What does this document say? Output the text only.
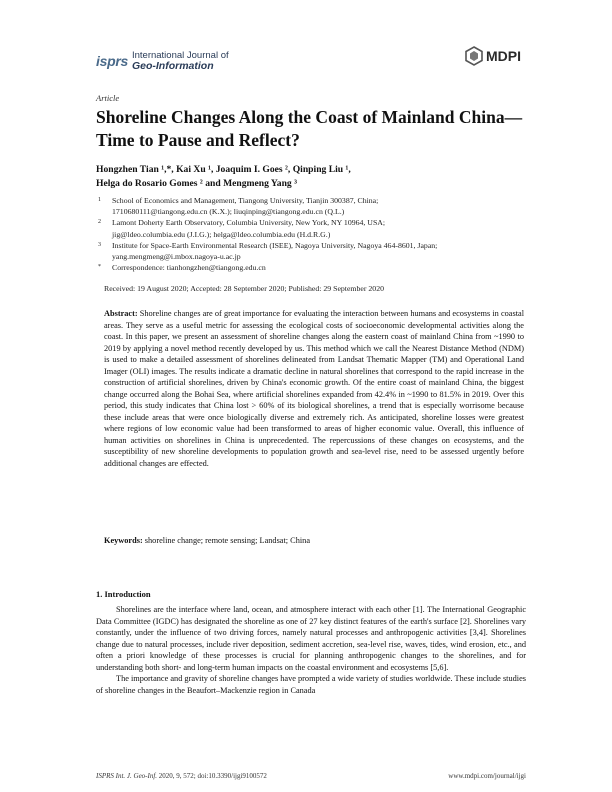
isprs International Journal of
Geo-Information
MDPI
Article
Shoreline Changes Along the Coast of Mainland China—Time to Pause and Reflect?
Hongzhen Tian ¹,*, Kai Xu ¹, Joaquim I. Goes ², Qinping Liu ¹,
Helga do Rosario Gomes ² and Mengmeng Yang ³
1	School of Economics and Management, Tiangong University, Tianjin 300387, China;
1710680111@tiangong.edu.cn (K.X.); liuqinping@tiangong.edu.cn (Q.L.)
2	Lamont Doherty Earth Observatory, Columbia University, New York, NY 10964, USA;
jig@ldeo.columbia.edu (J.I.G.); helga@ldeo.columbia.edu (H.d.R.G.)
3	Institute for Space-Earth Environmental Research (ISEE), Nagoya University, Nagoya 464-8601, Japan;
yang.mengmeng@i.mbox.nagoya-u.ac.jp
*	Correspondence: tianhongzhen@tiangong.edu.cn
Received: 19 August 2020; Accepted: 28 September 2020; Published: 29 September 2020

Abstract: Shoreline changes are of great importance for evaluating the interaction between humans and ecosystems in coastal areas. They serve as a useful metric for assessing the ecological costs of socioeconomic developmental activities along the coast. In this paper, we present an assessment of shoreline changes along the eastern coast of mainland China from ~1990 to 2019 by applying a novel method recently developed by us. This method which we call the Nearest Distance Method (NDM) is used to make a detailed assessment of shorelines delineated from Landsat Thematic Mapper (TM) and Operational Land Imager (OLI) images. The results indicate a dramatic decline in natural shorelines that correspond to the rapid increase in the construction of artificial shorelines, driven by China's economic growth. Of the entire coast of mainland China, the biggest change occurred along the Bohai Sea, where artificial shorelines expanded from 42.4% in ~1990 to 81.5% in 2019. Over this period, this study indicates that China lost > 60% of its biological shorelines, a trend that is especially worrisome because these include areas that were once biologically diverse and extremely rich. As anticipated, shoreline losses were greatest where regions of low economic value had been transformed to areas of higher economic value. Overall, this influence of human activities on shorelines in China is unprecedented. The repercussions of these changes on ecosystems, and the susceptibility of new shoreline developments to population growth and sea-level rise, need to be assessed urgently before additional changes are effected.

Keywords: shoreline change; remote sensing; Landsat; China

1. Introduction

Shorelines are the interface where land, ocean, and atmosphere interact with each other [1]. The International Geographic Data Committee (IGDC) has designated the shoreline as one of 27 key distinct features of the earth's surface [2]. Shorelines vary constantly, under the influence of two driving forces, namely natural processes and anthropogenic activities [3,4]. Shorelines change due to natural processes, include river deposition, sediment accretion, sea-level rise, waves, tides, wind erosion, etc., and often a priori knowledge of these processes is crucial for planning anthropogenic changes to the shorelines, and for understanding both short- and long-term human impacts on the coastal environment and ecosystems [5,6].

The importance and gravity of shoreline changes have prompted a wide variety of studies worldwide. These include studies of shoreline changes in the Beaufort–Mackenzie region in Canada

ISPRS Int. J. Geo-Inf. 2020, 9, 572; doi:10.3390/ijgi9100572	www.mdpi.com/journal/ijgi
